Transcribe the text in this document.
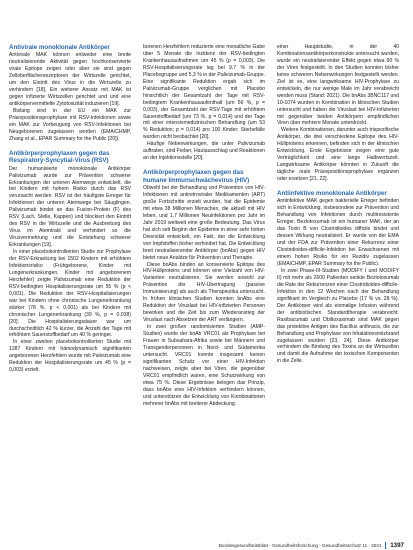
Antivirale monoklonale Antikörper

Antivirale MAK können entweder eine breite neutralisierende Aktivität gegen hochkonservierte virale Epitope zeigen oder aber sie sind gegen Zelloberflächenrezeptoren der Wirtszelle gerichtet, um den Eintritt des Virus in die Wirtszelle zu verhindern [18]. Ein weiterer Ansatz mit MAK ist gegen infizierte Wirtszellen gerichtet und und eine antikörpervermittelte Zytotoxizität induzieren [19].

Bislang sind in der EU ein MAK zur Präexpositionsprophylaxe mit RSV-Infektionen sowie ein MAK zur Vorbeugung von RSV-Infektionen bei Neugeborenen zugelassen worden (EMA/CHMP, Zhang et al., EPAR Summary for the Public [20]).

Antikörperprophylaxen gegen das Respiratory-Syncytial-Virus (RSV)

Der humanisierte monoklonale Antikörper Palivizumab wurde zur Prävention schwerer Erkrankungen der unteren Atemwege entwickelt, die bei Kindern mit hohem Risiko durch das RSV verursacht werden. RSV ist der häufigste Erreger für Infektionen der unteren Atemwege bei Säuglingen. Palivizumab bindet an das Fusion-Protein (F) des RSV (Lach, Stelle, Kappen) und blockiert den Eintritt des RSV in die Wirtszelle und die Ausbreitung des Virus im Atemtrakt und verhindert so die Virusvermehrung und die Entstehung schwerer Erkrankungen [19].

In einer placebokontrollierten Studie zur Prophylaxe der RSV-Erkrankung bei 1502 Kindern mit erhöhtem Infektionsrisiko (Frühgeborene, Kinder mit Lungenerkrankungen, Kinder mit angeborenem Herzfehler) zeigte Palivizumab eine Reduktion der RSV-bedingten Hospitalisierungsrate um 55 % (p < 0,001). Die Reduktion der RSV-Hospitalisierungen war bei Kindern ohne chronische Lungenerkrankung stärker (78 %, p < 0,001) als bei Kindern mit chronischer Lungenerkrankung (39 %, p = 0,038) [20]. Die Hospitalisierungsdauer war um durchschnittlich 42 % kürzer, die Anzahl der Tage mit erhöhtem Sauerstoffbedarf um 40 % geringer.

In einer zweiten placebokontrollierten Studie mit 1287 Kindern mit hämodynamisch signifikanten angeborenen Herzfehlern wurde mit Palivizumab eine Reduktion der Hospitalisierungsrate um 45 % (p = 0,003) erzielt.

borenen Herzfehlern reduzierte eine monatliche Gabe über 5 Monate die Inzidenz der RSV-bedingten Krankenhausaufnahmen um 45 % (p = 0,003). Die RSV-Hospitalisierungsrate lag bei 9,7 % in der Placebogruppe und 5,3 % in der Palivizumab-Gruppe. Eine signifikante Reduktion ergab sich im Palivizumab-Gruppe verglichen mit Placebo hinsichtlich der Gesamtzahl der Tage mit RSV-bedingtem Krankenhausaufenthalt (um 56 %, p = 0,003), der Gesamtzahl der RSV-Tage mit erhöhtem Sauerstoffbedarf (um 73 %, p = 0,014) und der Tage mit einer intensivmedizinischen Behandlung (um 53 % Reduktion; p = 0,014) pro 100 Kinder; Sterbefälle wurden nicht beobachtet [20].

Häufige Nebenwirkungen, die unter Palivizumab auftraten, sind Fieber, Hautausschlag und Reaktionen an der Injektionsstelle [20].

Antikörperprophylaxen gegen das humane Immunschwächevirus (HIV)

Obwohl bei der Behandlung und Prävention von HIV-Infektionen mit antiretroviraler Medikamenten (ART) große Fortschritte erzielt wurden, hat die Epidemie mit etwa 38 Millionen Menschen, die aktuell mit HIV leben, und 1,7 Millionen Neuinfektionen pro Jahr im Jahr 2019 weltweit eine große Bedeutung. Das Virus hat sich seit Beginn der Epidemie in einer sehr hohen Diversität entwickelt, ein Fakt, der die Entwicklung von Impfstoffen bisher verhindert hat. Die Entwicklung breit neutralisierender Antikörper (bnAbs) gegen HIV bietet neue Ansätze für Prävention und Therapie.

Diese bnAbs binden an konservierte Epitope des HIV-Hüllproteins und können eine Vielzahl von HIV-Varianten neutralisieren. Sie werden sowohl zur Prävention der HIV-Übertragung (passive Immunisierung) als auch als Therapeutika untersucht. In frühen klinischen Studien konnten bnAbs eine Reduktion der Viruslast bei HIV-infizierten Personen bewirken und die Zeit bis zum Wiederanstieg der Viruslast nach Absetzen der ART verlängern.

In zwei großen randomisierten Studien (AMP-Studien) wurde der bnAb VRC01 als Prophylaxe bei Frauen in Subsahara-Afrika sowie bei Männern und Transgenderpersonen in Nord- und Südamerika untersucht. VRC01 konnte insgesamt keinen signifikanten Schutz vor einer HIV-Infektion nachweisen, zeigte aber bei Viren, die gegenüber VRC01 empfindlich waren, eine Schutzwirkung von etwa 75 %. Diese Ergebnisse belegen das Prinzip, dass bnAbs eine HIV-Infektion verhindern können, und unterstützen die Entwicklung von Kombinationen mehrerer bnAbs mit breiterer Abdeckung.

einer Hauptstudie, in der 40 Kombinationsantikörperkonstrukte untersucht wurden, wurde ein neutralisierender Effekt gegen etwa 90 % der Viren festgestellt. In den Studien konnten bisher keine schweren Nebenwirkungen festgestellt werden. Ziel ist es, eine langwirksame HIV-Prophylaxe zu entwickeln, die nur wenige Male im Jahr verabreicht werden muss (Stand: 2021). Die bnAbs 3BNC117 und 10-1074 wurden in Kombination in klinischen Studien untersucht und haben die Viruslast bei HIV-Infizierten mit gegenüber beiden Antikörpern empfindlichen Viren über mehrere Monate unterdrückt.

Weitere Kombinationen, darunter auch trispezifische Antikörper, die drei verschiedene Epitope des HIV-Hüllproteins erkennen, befinden sich in der klinischen Entwicklung. Erste Ergebnisse zeigen eine gute Verträglichkeit und eine lange Halbwertszeit. Langwirksame Antikörper könnten in Zukunft die tägliche orale Präexpositionsprophylaxe ergänzen oder ersetzen [21, 22].

Antiinfektive monoklonale Antikörper

Antiinfektive MAK gegen bakterielle Erreger befinden sich in Entwicklung, insbesondere zur Prävention und Behandlung von Infektionen durch multiresistente Erreger. Bezlotoxumab ist ein humaner MAK, der an das Toxin B von Clostridioides difficile bindet und dessen Wirkung neutralisiert. Er wurde von der EMA und der FDA zur Prävention einer Rekurrenz einer Clostridioides-difficile-Infektion bei Erwachsenen mit einem hohen Risiko für ein Rezidiv zugelassen (EMA/CHMP, EPAR Summary for the Public).

In zwei Phase-III-Studien (MODIFY I und MODIFY II) mit mehr als 2600 Patienten senkte Bezlotoxumab die Rate der Rekurrenzen einer Clostridioides-difficile-Infektion in den 12 Wochen nach der Behandlung signifikant im Vergleich zu Placebo (17 % vs. 28 %). Der Antikörper wird als einmalige Infusion während der antibiotischen Standardtherapie verabreicht. Raxibacumab und Obiltoxaximab sind MAK gegen das protektive Antigen des Bacillus anthracis, die zur Behandlung und Prophylaxe von Inhalationsmilzbrand zugelassen wurden [23, 24]. Diese Antikörper verhindern die Bindung des Toxins an die Wirtszellen und damit die Aufnahme der toxischen Komponenten in die Zelle.

Bundesgesundheitsblatt - Gesundheitsforschung - Gesundheitsschutz 11 · 2021 1397
